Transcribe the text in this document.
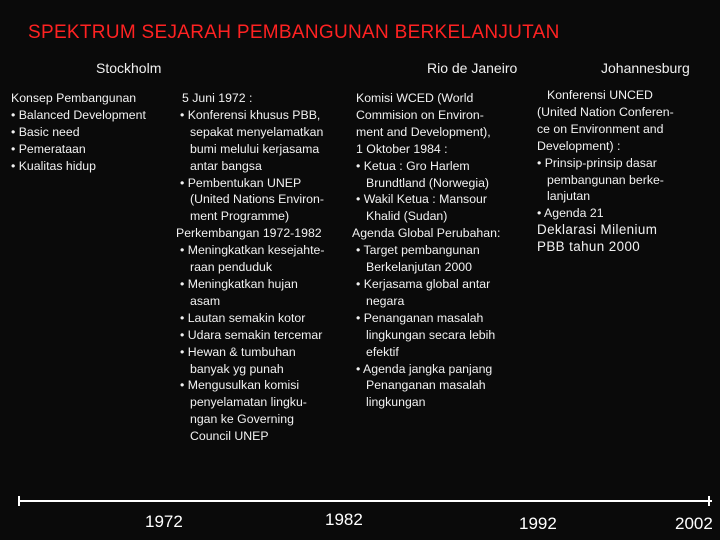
SPEKTRUM SEJARAH PEMBANGUNAN BERKELANJUTAN
Stockholm	Rio de Janeiro	Johannesburg
Konsep Pembangunan
• Balanced Development
• Basic need
• Pemerataan
• Kualitas hidup
5 Juni 1972 :
• Konferensi khusus PBB,
sepakat menyelamatkan
bumi melului kerjasama
antar bangsa
• Pembentukan UNEP
(United Nations Environ-
ment Programme)
Perkembangan 1972-1982
• Meningkatkan kesejahte-
raan penduduk
• Meningkatkan hujan
asam
• Lautan semakin kotor
• Udara semakin tercemar
• Hewan & tumbuhan
banyak yg punah
• Mengusulkan komisi
penyelamatan lingku-
ngan ke Governing
Council UNEP
Komisi WCED (World
Commision on Environ-
ment and Development),
1 Oktober 1984 :
• Ketua : Gro Harlem
Brundtland (Norwegia)
• Wakil Ketua : Mansour
Khalid (Sudan)
Agenda Global Perubahan:
• Target pembangunan
Berkelanjutan 2000
• Kerjasama global antar
negara
• Penanganan masalah
lingkungan secara lebih
efektif
• Agenda jangka panjang
Penanganan masalah
lingkungan
Konferensi UNCED
(United Nation Conferen-
ce on Environment and
Development) :
• Prinsip-prinsip dasar
pembangunan berke-
lanjutan
• Agenda 21
Deklarasi Milenium
PBB tahun 2000
1972	1982	1992	2002
